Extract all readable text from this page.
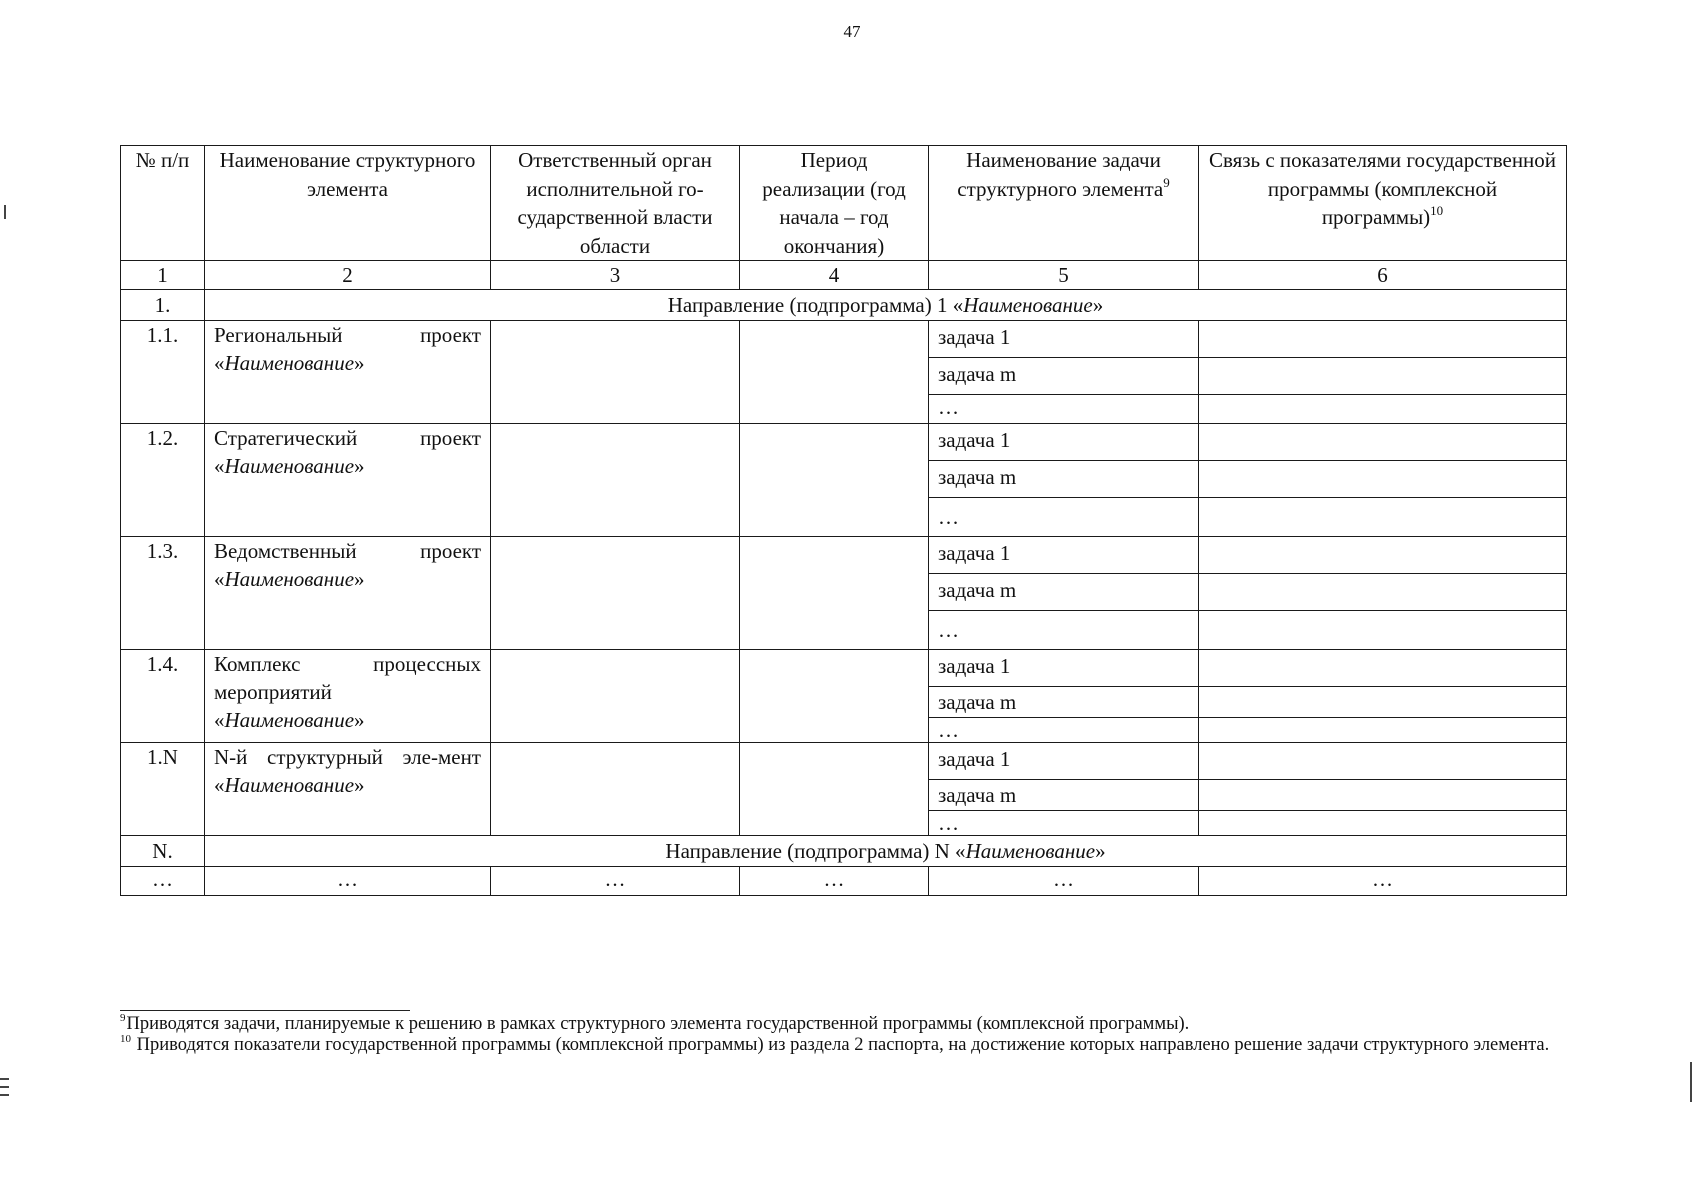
47
№ п/п	Наименование структурного элемента	Ответственный орган исполнительной го-сударственной власти области	Период реализации (год начала – год окончания)	Наименование задачи структурного элемента$^9$	Связь с показателями государственной программы (комплексной программы)$^{10}$
1	2	3	4	5	6
1.	Направление (подпрограмма) 1 «Наименование»				
1.1.	Региональный проект «Наименование»			задача 1	
				задача m	
				…	
1.2.	Стратегический проект «Наименование»			задача 1	
				задача m	
				…	
1.3.	Ведомственный проект «Наименование»			задача 1	
				задача m	
				…	
1.4.	Комплекс процессных мероприятий «Наименование»			задача 1	
				задача m	
				…	
1.N	N-й структурный эле-мент «Наименование»			задача 1	
				задача m	
				…	
N.	Направление (подпрограмма) N «Наименование»				
…	…	…	…	…	…
$^9$Приводятся задачи, планируемые к решению в рамках структурного элемента государственной программы (комплексной программы).
$^{10}$ Приводятся показатели государственной программы (комплексной программы) из раздела 2 паспорта, на достижение которых направлено решение задачи структурного элемента.
